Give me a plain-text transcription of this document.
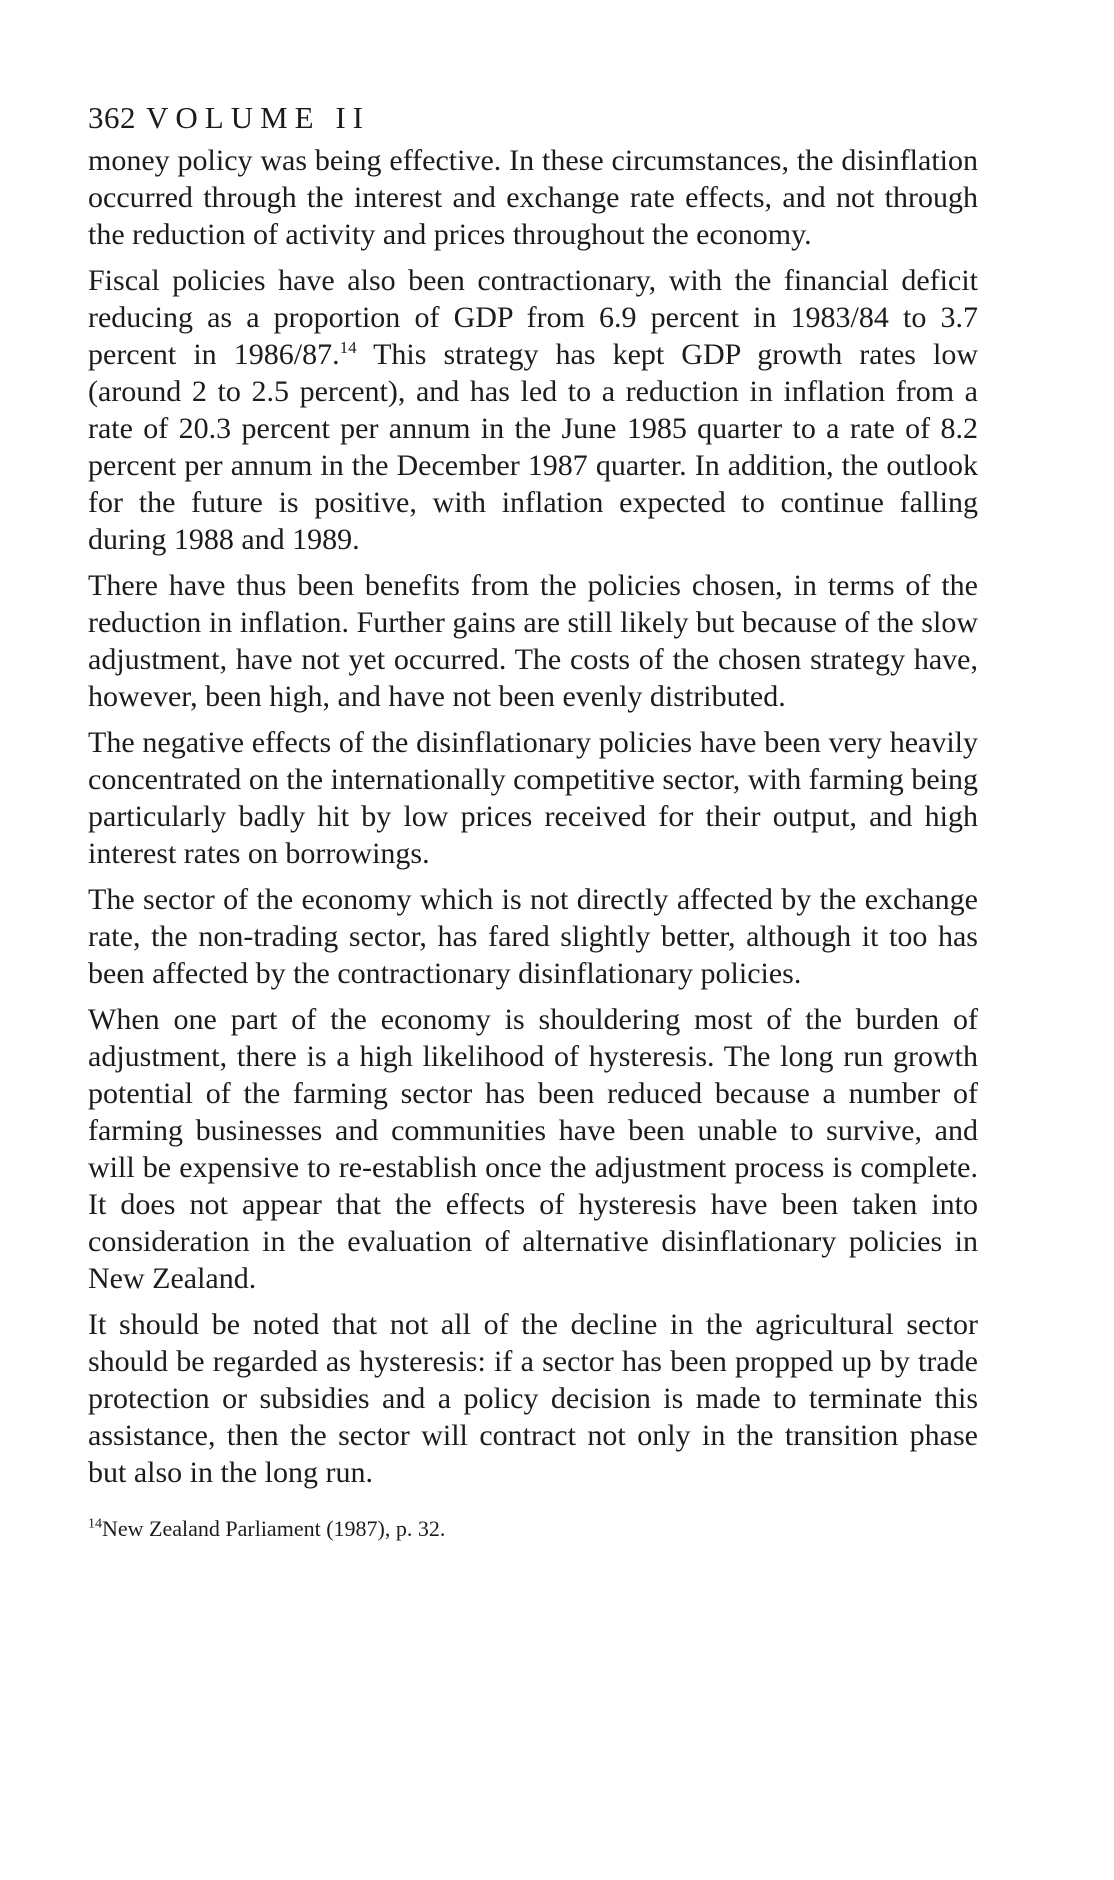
362 VOLUME II

money policy was being effective. In these circumstances, the disinflation occurred through the interest and exchange rate effects, and not through the reduction of activity and prices throughout the economy.

Fiscal policies have also been contractionary, with the financial deficit reducing as a proportion of GDP from 6.9 percent in 1983/84 to 3.7 percent in 1986/87.14 This strategy has kept GDP growth rates low (around 2 to 2.5 percent), and has led to a reduction in inflation from a rate of 20.3 percent per annum in the June 1985 quarter to a rate of 8.2 percent per annum in the December 1987 quarter. In addition, the outlook for the future is positive, with inflation expected to continue falling during 1988 and 1989.

There have thus been benefits from the policies chosen, in terms of the reduction in inflation. Further gains are still likely but because of the slow adjustment, have not yet occurred. The costs of the chosen strategy have, however, been high, and have not been evenly distributed.

The negative effects of the disinflationary policies have been very heavily concentrated on the internationally competitive sector, with farming being particularly badly hit by low prices received for their output, and high interest rates on borrowings.

The sector of the economy which is not directly affected by the exchange rate, the non-trading sector, has fared slightly better, although it too has been affected by the contractionary disinflationary policies.

When one part of the economy is shouldering most of the burden of adjustment, there is a high likelihood of hysteresis. The long run growth potential of the farming sector has been reduced because a number of farming businesses and communities have been unable to survive, and will be expensive to re-establish once the adjustment process is complete. It does not appear that the effects of hysteresis have been taken into consideration in the evaluation of alternative disinflationary policies in New Zealand.

It should be noted that not all of the decline in the agricultural sector should be regarded as hysteresis: if a sector has been propped up by trade protection or subsidies and a policy decision is made to terminate this assistance, then the sector will contract not only in the transition phase but also in the long run.

$^{14}$New Zealand Parliament (1987), p. 32.
